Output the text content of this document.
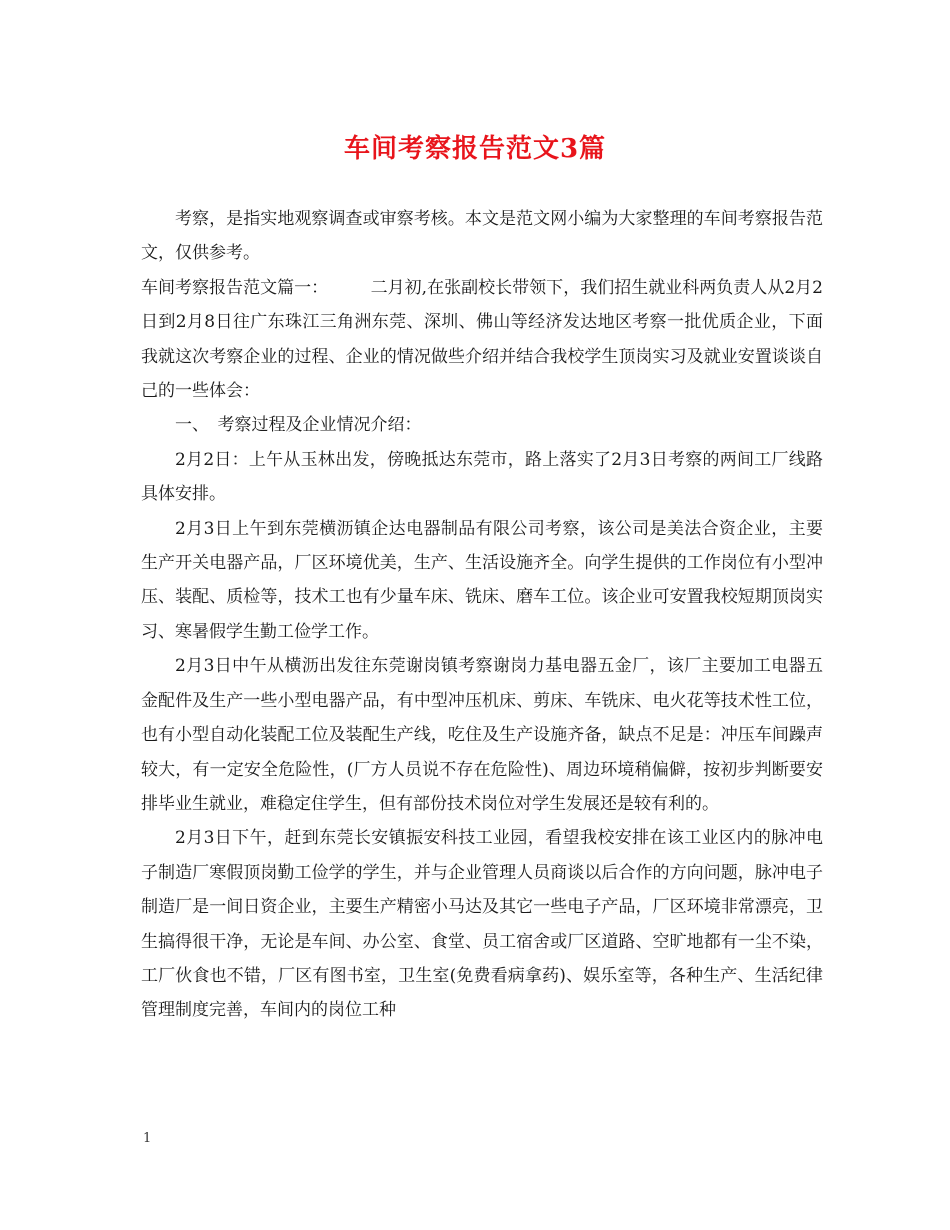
车间考察报告范文3篇

考察，是指实地观察调查或审察考核。本文是范文网小编为大家整理的车间考察报告范文，仅供参考。

车间考察报告范文篇一：　　　二月初,在张副校长带领下，我们招生就业科两负责人从2月2日到2月8日往广东珠江三角洲东莞、深圳、佛山等经济发达地区考察一批优质企业，下面我就这次考察企业的过程、企业的情况做些介绍并结合我校学生顶岗实习及就业安置谈谈自己的一些体会：

一、　考察过程及企业情况介绍：

2月2日：上午从玉林出发，傍晚抵达东莞市，路上落实了2月3日考察的两间工厂线路具体安排。

2月3日上午到东莞横沥镇企达电器制品有限公司考察，该公司是美法合资企业，主要生产开关电器产品，厂区环境优美，生产、生活设施齐全。向学生提供的工作岗位有小型冲压、装配、质检等，技术工也有少量车床、铣床、磨车工位。该企业可安置我校短期顶岗实习、寒暑假学生勤工俭学工作。

2月3日中午从横沥出发往东莞谢岗镇考察谢岗力基电器五金厂，该厂主要加工电器五金配件及生产一些小型电器产品，有中型冲压机床、剪床、车铣床、电火花等技术性工位，也有小型自动化装配工位及装配生产线，吃住及生产设施齐备，缺点不足是：冲压车间躁声较大，有一定安全危险性，(厂方人员说不存在危险性)、周边环境稍偏僻，按初步判断要安排毕业生就业，难稳定住学生，但有部份技术岗位对学生发展还是较有利的。

2月3日下午，赶到东莞长安镇振安科技工业园，看望我校安排在该工业区内的脉冲电子制造厂寒假顶岗勤工俭学的学生，并与企业管理人员商谈以后合作的方向问题，脉冲电子制造厂是一间日资企业，主要生产精密小马达及其它一些电子产品，厂区环境非常漂亮，卫生搞得很干净，无论是车间、办公室、食堂、员工宿舍或厂区道路、空旷地都有一尘不染，工厂伙食也不错，厂区有图书室，卫生室(免费看病拿药)、娱乐室等，各种生产、生活纪律管理制度完善，车间内的岗位工种

1
